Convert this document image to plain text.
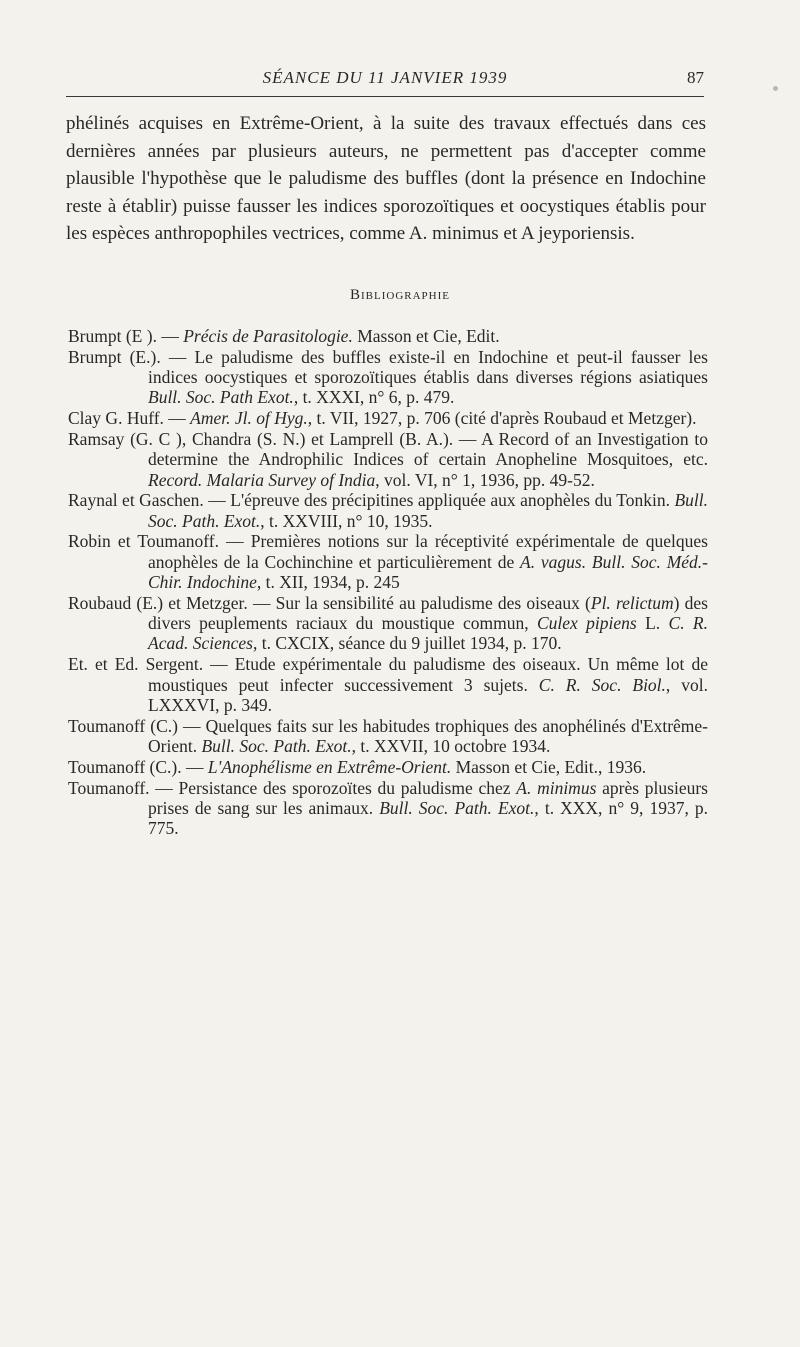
SÉANCE DU 11 JANVIER 1939	87

phélinés acquises en Extrême-Orient, à la suite des travaux effectués dans ces dernières années par plusieurs auteurs, ne permettent pas d'accepter comme plausible l'hypothèse que le paludisme des buffles (dont la présence en Indochine reste à établir) puisse fausser les indices sporozoïtiques et oocystiques établis pour les espèces anthropophiles vectrices, comme A. minimus et A jeyporiensis.

Bibliographie

Brumpt (E ). — Précis de Parasitologie. Masson et Cie, Edit.

Brumpt (E.). — Le paludisme des buffles existe-il en Indochine et peut-il fausser les indices oocystiques et sporozoïtiques établis dans diverses régions asiatiques Bull. Soc. Path Exot., t. XXXI, n° 6, p. 479.

Clay G. Huff. — Amer. Jl. of Hyg., t. VII, 1927, p. 706 (cité d'après Roubaud et Metzger).

Ramsay (G. C ), Chandra (S. N.) et Lamprell (B. A.). — A Record of an Investigation to determine the Androphilic Indices of certain Anopheline Mosquitoes, etc. Record. Malaria Survey of India, vol. VI, n° 1, 1936, pp. 49-52.

Raynal et Gaschen. — L'épreuve des précipitines appliquée aux anophèles du Tonkin. Bull. Soc. Path. Exot., t. XXVIII, n° 10, 1935.

Robin et Toumanoff. — Premières notions sur la réceptivité expérimentale de quelques anophèles de la Cochinchine et particulièrement de A. vagus. Bull. Soc. Méd.-Chir. Indochine, t. XII, 1934, p. 245

Roubaud (E.) et Metzger. — Sur la sensibilité au paludisme des oiseaux (Pl. relictum) des divers peuplements raciaux du moustique commun, Culex pipiens L. C. R. Acad. Sciences, t. CXCIX, séance du 9 juillet 1934, p. 170.

Et. et Ed. Sergent. — Etude expérimentale du paludisme des oiseaux. Un même lot de moustiques peut infecter successivement 3 sujets. C. R. Soc. Biol., vol. LXXXVI, p. 349.

Toumanoff (C.) — Quelques faits sur les habitudes trophiques des anophélinés d'Extrême-Orient. Bull. Soc. Path. Exot., t. XXVII, 10 octobre 1934.

Toumanoff (C.). — L'Anophélisme en Extrême-Orient. Masson et Cie, Edit., 1936.

Toumanoff. — Persistance des sporozoïtes du paludisme chez A. minimus après plusieurs prises de sang sur les animaux. Bull. Soc. Path. Exot., t. XXX, n° 9, 1937, p. 775.
